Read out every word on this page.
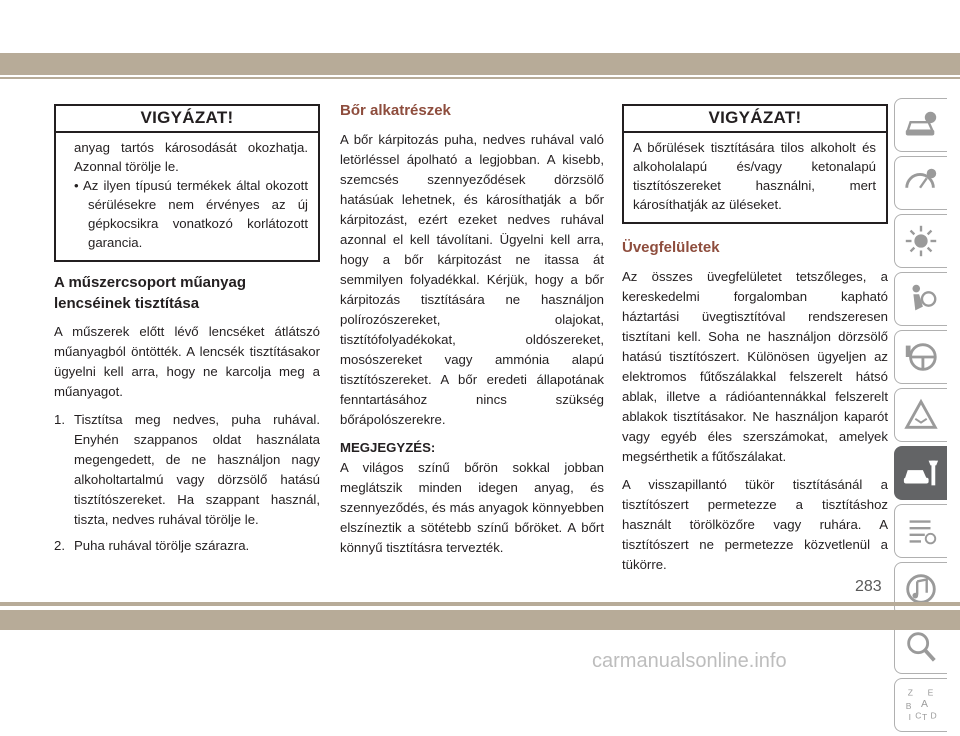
VIGYÁZAT!
anyag tartós károsodását okozhatja. Azonnal törölje le.
• Az ilyen típusú termékek által okozott sérülésekre nem érvényes az új gépkocsikra vonatkozó korlátozott garancia.
A műszercsoport műanyag lencséinek tisztítása

A műszerek előtt lévő lencséket átlátszó műanyagból öntötték. A lencsék tisztításakor ügyelni kell arra, hogy ne karcolja meg a műanyagot.

1. Tisztítsa meg nedves, puha ruhával. Enyhén szappanos oldat használata megengedett, de ne használjon nagy alkoholtartalmú vagy dörzsölő hatású tisztítószereket. Ha szappant használ, tiszta, nedves ruhával törölje le.
2. Puha ruhával törölje szárazra.
Bőr alkatrészek

A bőr kárpitozás puha, nedves ruhával való letörléssel ápolható a legjobban. A kisebb, szemcsés szennyeződések dörzsölő hatásúak lehetnek, és károsíthatják a bőr kárpitozást, ezért ezeket nedves ruhával azonnal el kell távolítani. Ügyelni kell arra, hogy a bőr kárpitozást ne itassa át semmilyen folyadékkal. Kérjük, hogy a bőr kárpitozás tisztítására ne használjon polírozószereket, olajokat, tisztítófolyadékokat, oldószereket, mosószereket vagy ammónia alapú tisztítószereket. A bőr eredeti állapotának fenntartásához nincs szükség bőrápolószerekre.

MEGJEGYZÉS:

A világos színű bőrön sokkal jobban meglátszik minden idegen anyag, és szennyeződés, és más anyagok könnyebben elszíneztik a sötétebb színű bőröket. A bőrt könnyű tisztításra tervezték.

VIGYÁZAT!
A bőrülések tisztítására tilos alkoholt és alkoholalapú és/vagy ketonalapú tisztítószereket használni, mert károsíthatják az üléseket.
Üvegfelületek

Az összes üvegfelületet tetszőleges, a kereskedelmi forgalomban kapható háztartási üvegtisztítóval rendszeresen tisztítani kell. Soha ne használjon dörzsölő hatású tisztítószert. Különösen ügyeljen az elektromos fűtőszálakkal felszerelt hátsó ablak, illetve a rádióantennákkal felszerelt ablakok tisztításakor. Ne használjon kaparót vagy egyéb éles szerszámokat, amelyek megsérthetik a fűtőszálakat.

A visszapillantó tükör tisztításánál a tisztítószert permetezze a tisztításhoz használt törölközőre vagy ruhára. A tisztítószert ne permetezze közvetlenül a tükörre.

Z E
A
B
I C T D
283
carmanualsonline.info
